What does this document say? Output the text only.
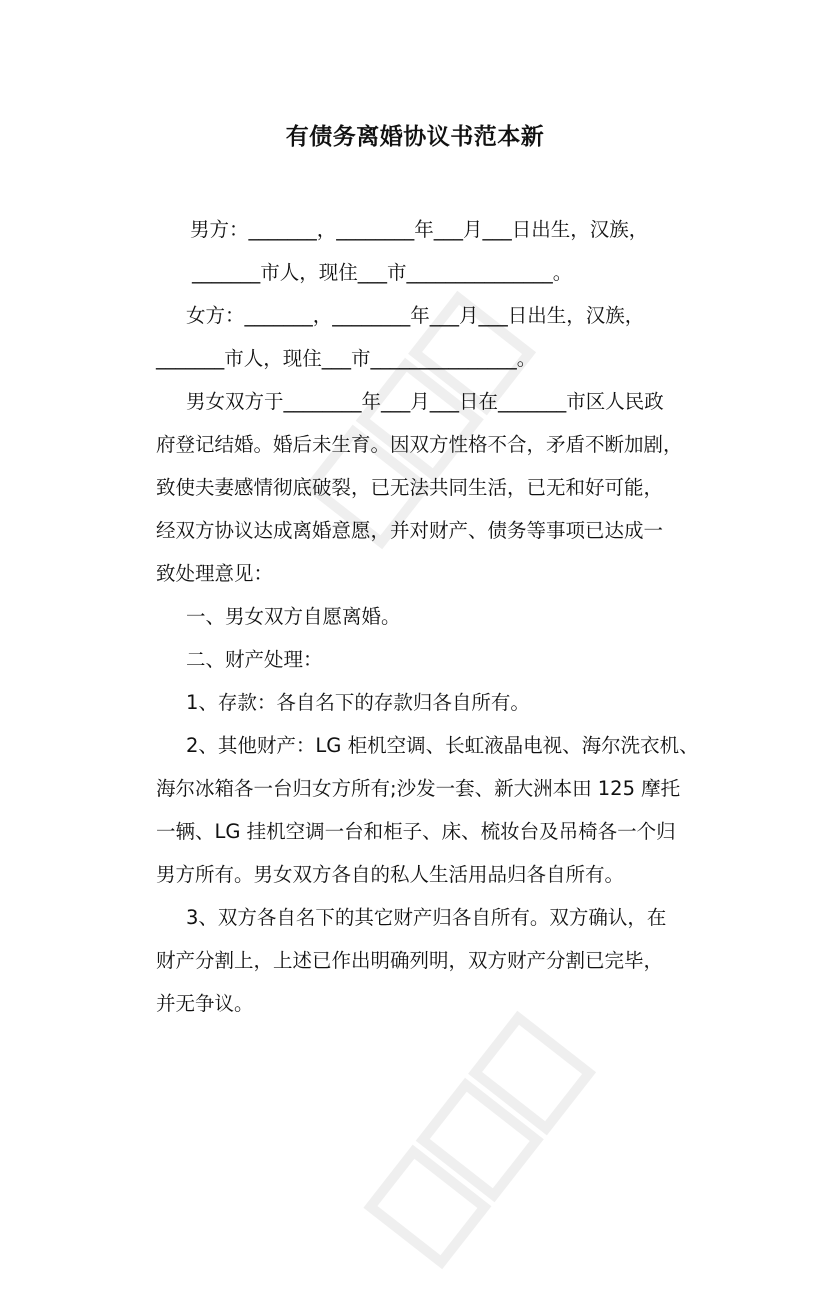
有债务离婚协议书范本新
男方：_______，________年___月___日出生，汉族，
_______市人，现住___市_______________。
女方：_______，________年___月___日出生，汉族，
_______市人，现住___市_______________。
男女双方于________年___月___日在_______市区人民政
府登记结婚。婚后未生育。因双方性格不合，矛盾不断加剧，
致使夫妻感情彻底破裂，已无法共同生活，已无和好可能，
经双方协议达成离婚意愿，并对财产、债务等事项已达成一
致处理意见：
一、男女双方自愿离婚。
二、财产处理：
1、存款：各自名下的存款归各自所有。
2、其他财产：LG 柜机空调、长虹液晶电视、海尔洗衣机、
海尔冰箱各一台归女方所有;沙发一套、新大洲本田 125 摩托
一辆、LG 挂机空调一台和柜子、床、梳妆台及吊椅各一个归
男方所有。男女双方各自的私人生活用品归各自所有。
3、双方各自名下的其它财产归各自所有。双方确认，在
财产分割上，上述已作出明确列明，双方财产分割已完毕，
并无争议。
